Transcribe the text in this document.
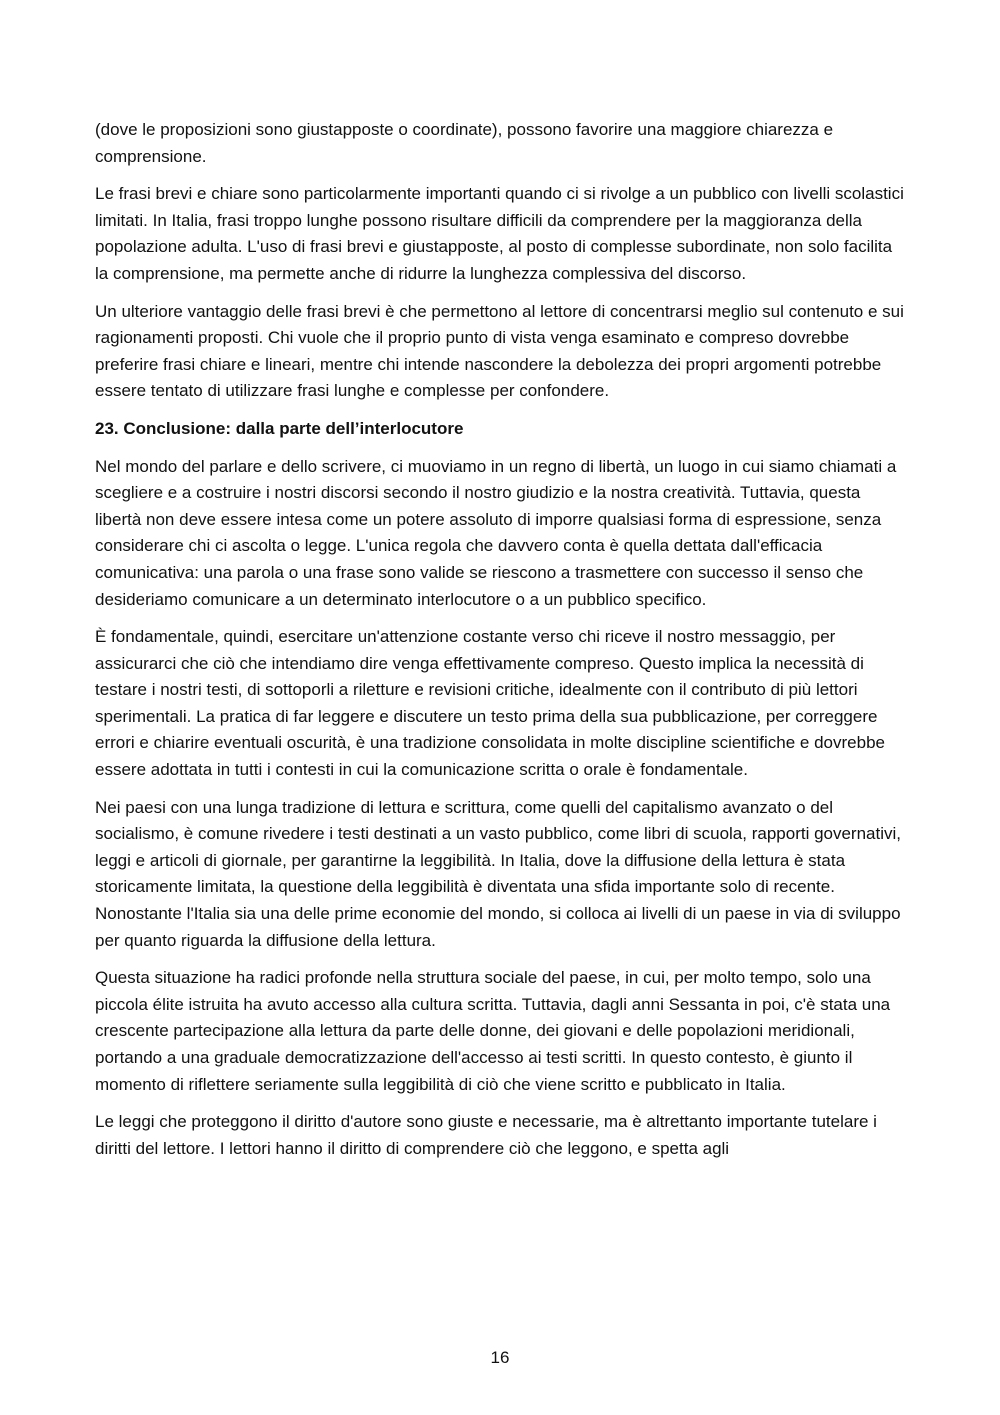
(dove le proposizioni sono giustapposte o coordinate), possono favorire una maggiore chiarezza e comprensione.

Le frasi brevi e chiare sono particolarmente importanti quando ci si rivolge a un pubblico con livelli scolastici limitati. In Italia, frasi troppo lunghe possono risultare difficili da comprendere per la maggioranza della popolazione adulta. L'uso di frasi brevi e giustapposte, al posto di complesse subordinate, non solo facilita la comprensione, ma permette anche di ridurre la lunghezza complessiva del discorso.

Un ulteriore vantaggio delle frasi brevi è che permettono al lettore di concentrarsi meglio sul contenuto e sui ragionamenti proposti. Chi vuole che il proprio punto di vista venga esaminato e compreso dovrebbe preferire frasi chiare e lineari, mentre chi intende nascondere la debolezza dei propri argomenti potrebbe essere tentato di utilizzare frasi lunghe e complesse per confondere.

23. Conclusione: dalla parte dell’interlocutore

Nel mondo del parlare e dello scrivere, ci muoviamo in un regno di libertà, un luogo in cui siamo chiamati a scegliere e a costruire i nostri discorsi secondo il nostro giudizio e la nostra creatività. Tuttavia, questa libertà non deve essere intesa come un potere assoluto di imporre qualsiasi forma di espressione, senza considerare chi ci ascolta o legge. L'unica regola che davvero conta è quella dettata dall'efficacia comunicativa: una parola o una frase sono valide se riescono a trasmettere con successo il senso che desideriamo comunicare a un determinato interlocutore o a un pubblico specifico.

È fondamentale, quindi, esercitare un'attenzione costante verso chi riceve il nostro messaggio, per assicurarci che ciò che intendiamo dire venga effettivamente compreso. Questo implica la necessità di testare i nostri testi, di sottoporli a riletture e revisioni critiche, idealmente con il contributo di più lettori sperimentali. La pratica di far leggere e discutere un testo prima della sua pubblicazione, per correggere errori e chiarire eventuali oscurità, è una tradizione consolidata in molte discipline scientifiche e dovrebbe essere adottata in tutti i contesti in cui la comunicazione scritta o orale è fondamentale.

Nei paesi con una lunga tradizione di lettura e scrittura, come quelli del capitalismo avanzato o del socialismo, è comune rivedere i testi destinati a un vasto pubblico, come libri di scuola, rapporti governativi, leggi e articoli di giornale, per garantirne la leggibilità. In Italia, dove la diffusione della lettura è stata storicamente limitata, la questione della leggibilità è diventata una sfida importante solo di recente. Nonostante l'Italia sia una delle prime economie del mondo, si colloca ai livelli di un paese in via di sviluppo per quanto riguarda la diffusione della lettura.

Questa situazione ha radici profonde nella struttura sociale del paese, in cui, per molto tempo, solo una piccola élite istruita ha avuto accesso alla cultura scritta. Tuttavia, dagli anni Sessanta in poi, c'è stata una crescente partecipazione alla lettura da parte delle donne, dei giovani e delle popolazioni meridionali, portando a una graduale democratizzazione dell'accesso ai testi scritti. In questo contesto, è giunto il momento di riflettere seriamente sulla leggibilità di ciò che viene scritto e pubblicato in Italia.

Le leggi che proteggono il diritto d'autore sono giuste e necessarie, ma è altrettanto importante tutelare i diritti del lettore. I lettori hanno il diritto di comprendere ciò che leggono, e spetta agli

16
